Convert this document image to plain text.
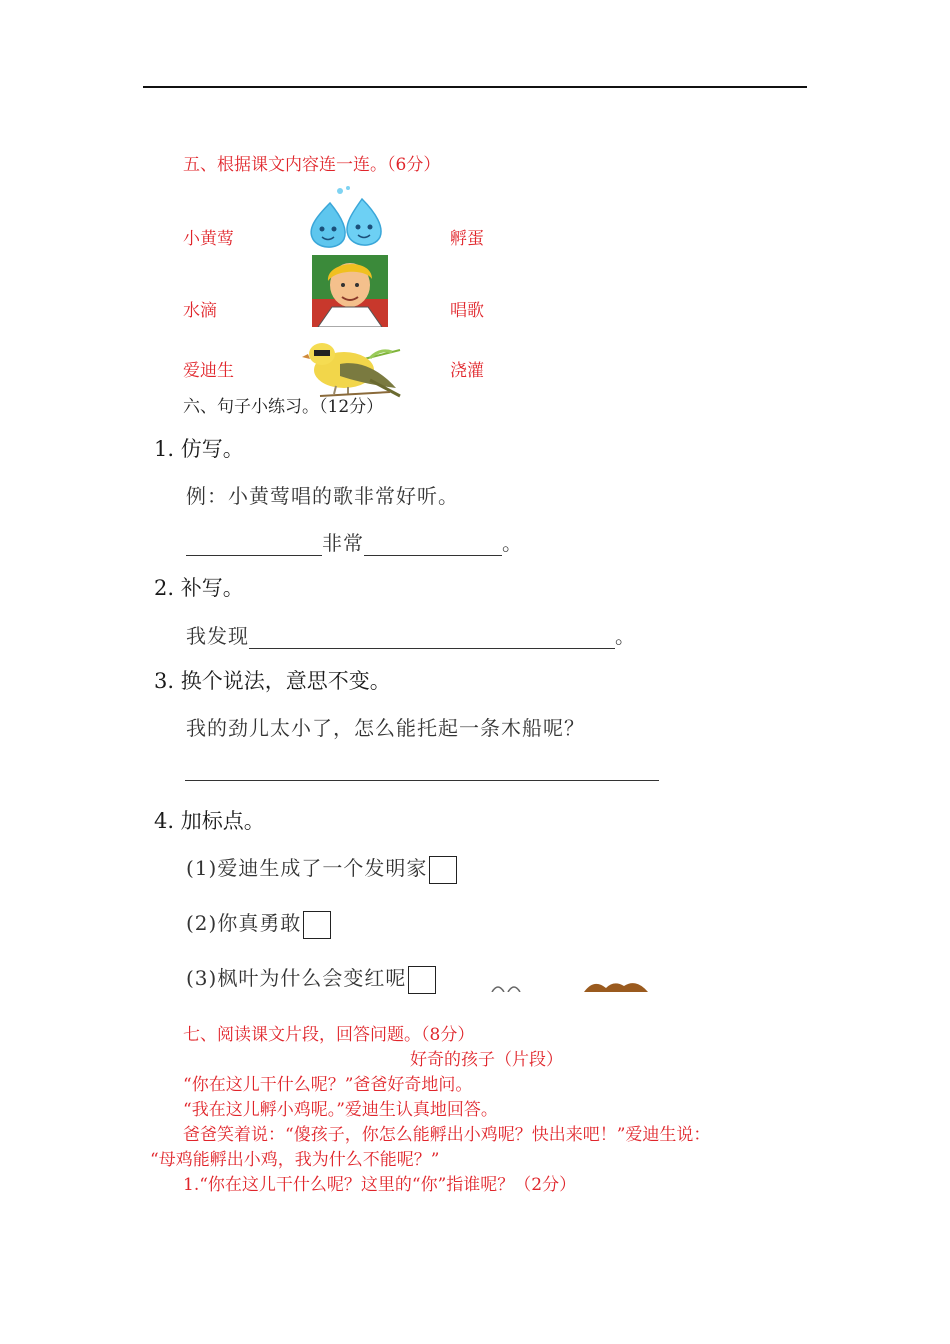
五、根据课文内容连一连。（6分）
小黄莺
水滴
爱迪生
孵蛋
唱歌
浇灌
六、句子小练习。（12分）
1. 仿写。
例：小黄莺唱的歌非常好听。
非常	。
2. 补写。
我发现	。
3. 换个说法，意思不变。
我的劲儿太小了，怎么能托起一条木船呢？
4. 加标点。
(1)爱迪生成了一个发明家
(2)你真勇敢
(3)枫叶为什么会变红呢
七、阅读课文片段，回答问题。（8分）
好奇的孩子（片段）
“你在这儿干什么呢？”爸爸好奇地问。
“我在这儿孵小鸡呢。”爱迪生认真地回答。
爸爸笑着说：“傻孩子，你怎么能孵出小鸡呢？快出来吧！”爱迪生说：
“母鸡能孵出小鸡，我为什么不能呢？”
1.“你在这儿干什么呢？这里的“你”指谁呢？（2分）
